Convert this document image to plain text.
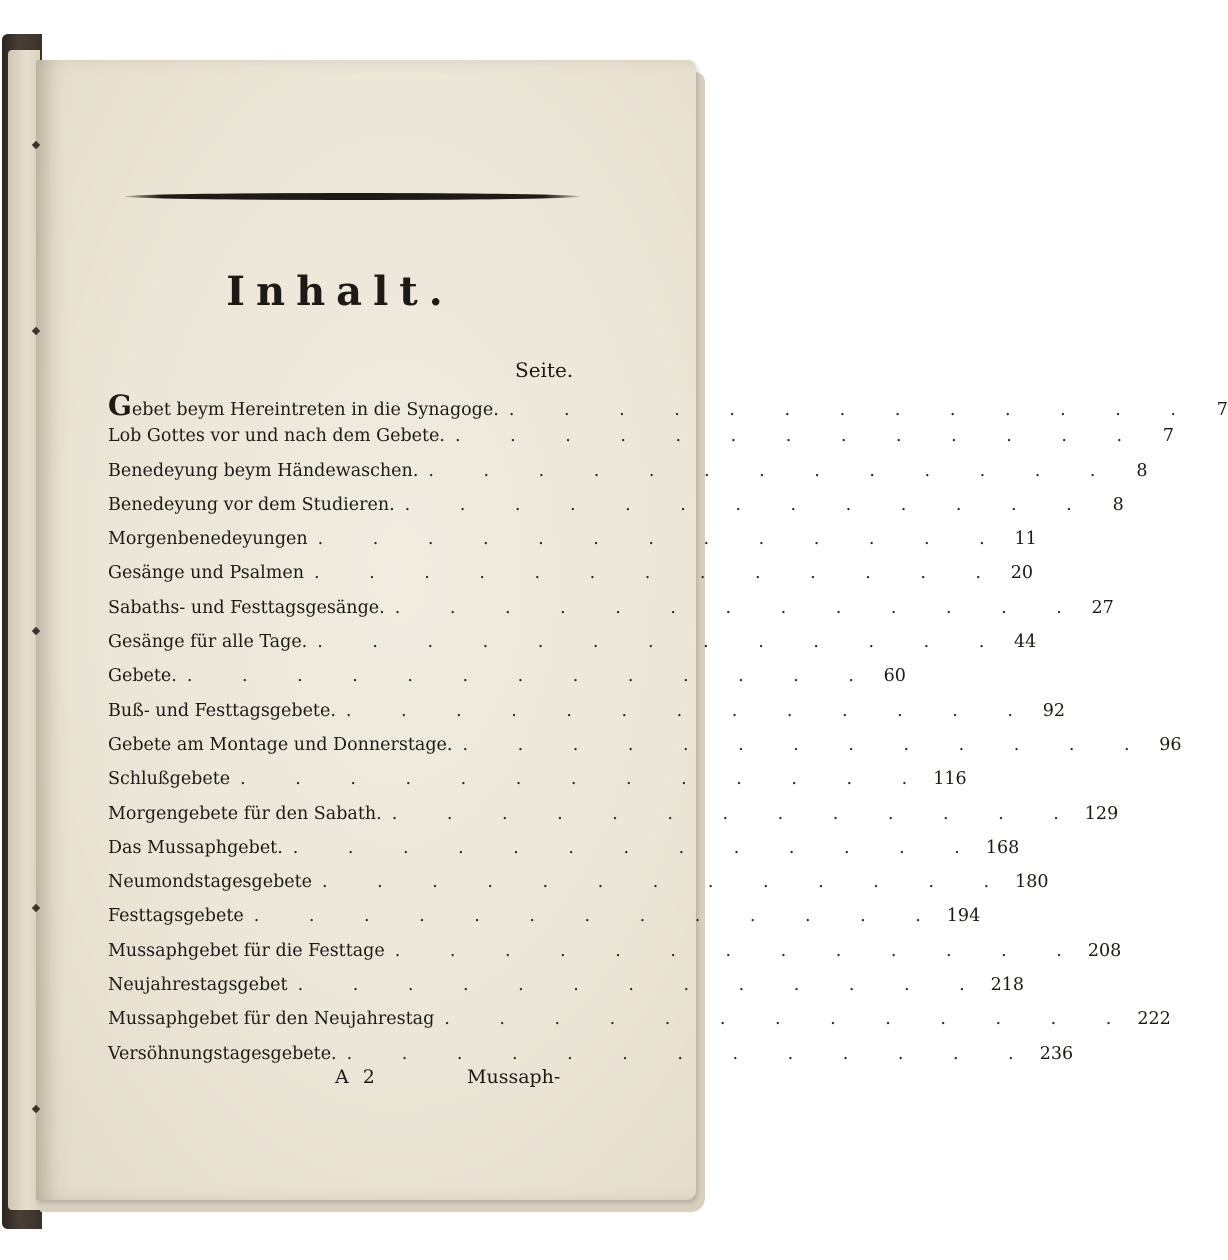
Inhalt.
Seite.
Gebet beym Hereintreten in die Synagoge. . . . . . . . . . . . . .	7
Lob Gottes vor und nach dem Gebete. . . . . . . . . . . . . .	7
Benedeyung beym Händewaschen. . . . . . . . . . . . . .	8
Benedeyung vor dem Studieren. . . . . . . . . . . . . .	8
Morgenbenedeyungen . . . . . . . . . . . . . 11
Gesänge und Psalmen . . . . . . . . . . . . . 20
Sabaths- und Festtagsgesänge. . . . . . . . . . . . . . 27
Gesänge für alle Tage. . . . . . . . . . . . . . 44
Gebete. . . . . . . . . . . . . . 60
Buß- und Festtagsgebete. . . . . . . . . . . . . . 92
Gebete am Montage und Donnerstage. . . . . . . . . . . . . . 96
Schlußgebete . . . . . . . . . . . . . 116
Morgengebete für den Sabath. . . . . . . . . . . . . . 129
Das Mussaphgebet. . . . . . . . . . . . . . 168
Neumondstagesgebete . . . . . . . . . . . . . 180
Festtagsgebete . . . . . . . . . . . . . 194
Mussaphgebet für die Festtage . . . . . . . . . . . . . 208
Neujahrestagsgebet . . . . . . . . . . . . . 218
Mussaphgebet für den Neujahrestag . . . . . . . . . . . . . 222
Versöhnungstagesgebete. . . . . . . . . . . . . . 236
A 2	Mussaph-
